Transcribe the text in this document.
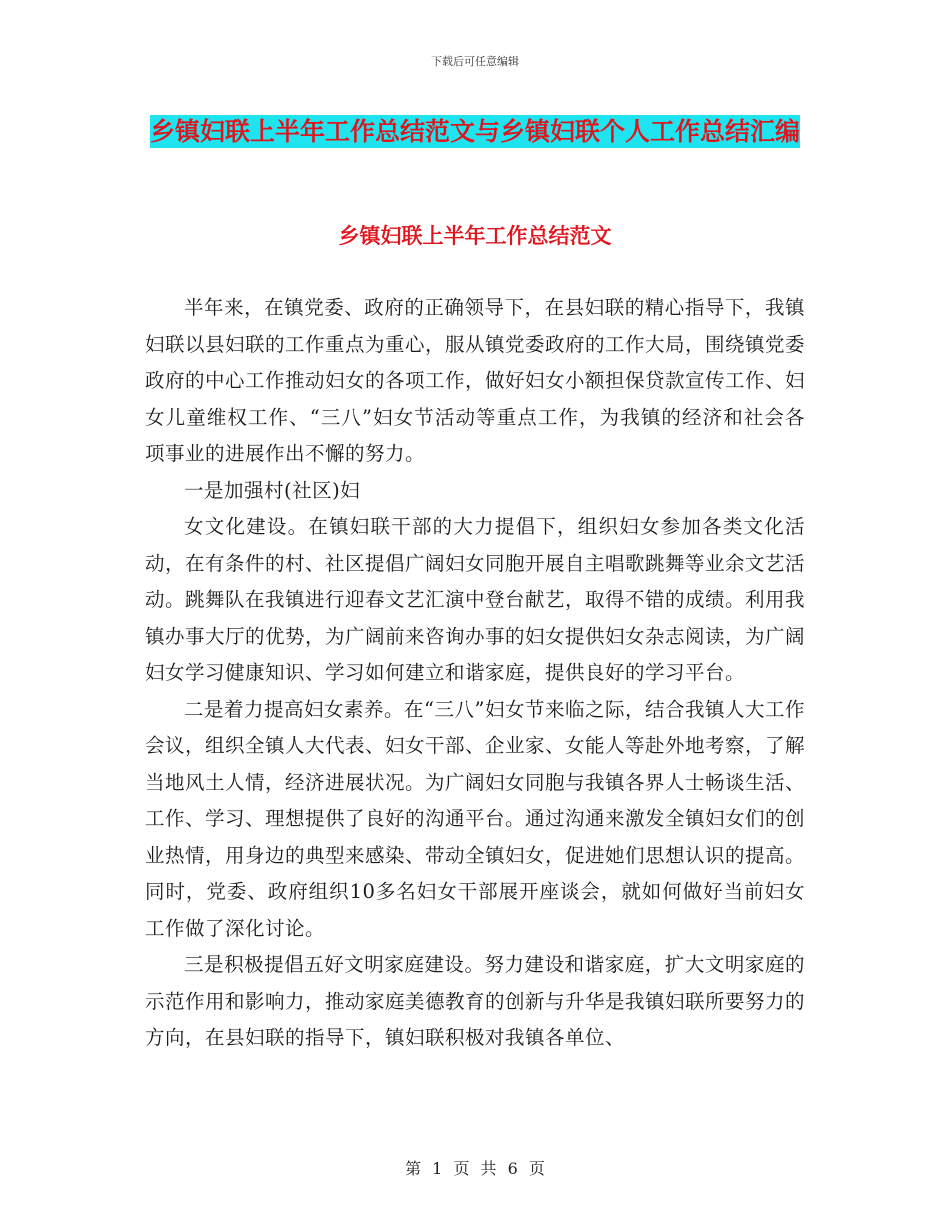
下载后可任意编辑
乡镇妇联上半年工作总结范文与乡镇妇联个人工作总结汇编
乡镇妇联上半年工作总结范文

半年来，在镇党委、政府的正确领导下，在县妇联的精心指导下，我镇妇联以县妇联的工作重点为重心，服从镇党委政府的工作大局，围绕镇党委政府的中心工作推动妇女的各项工作，做好妇女小额担保贷款宣传工作、妇女儿童维权工作、“三八”妇女节活动等重点工作，为我镇的经济和社会各项事业的进展作出不懈的努力。

一是加强村(社区)妇

女文化建设。在镇妇联干部的大力提倡下，组织妇女参加各类文化活动，在有条件的村、社区提倡广阔妇女同胞开展自主唱歌跳舞等业余文艺活动。跳舞队在我镇进行迎春文艺汇演中登台献艺，取得不错的成绩。利用我镇办事大厅的优势，为广阔前来咨询办事的妇女提供妇女杂志阅读，为广阔妇女学习健康知识、学习如何建立和谐家庭，提供良好的学习平台。

二是着力提高妇女素养。在“三八”妇女节来临之际，结合我镇人大工作会议，组织全镇人大代表、妇女干部、企业家、女能人等赴外地考察，了解当地风土人情，经济进展状况。为广阔妇女同胞与我镇各界人士畅谈生活、工作、学习、理想提供了良好的沟通平台。通过沟通来激发全镇妇女们的创业热情，用身边的典型来感染、带动全镇妇女，促进她们思想认识的提高。同时，党委、政府组织10多名妇女干部展开座谈会，就如何做好当前妇女工作做了深化讨论。

三是积极提倡五好文明家庭建设。努力建设和谐家庭，扩大文明家庭的示范作用和影响力，推动家庭美德教育的创新与升华是我镇妇联所要努力的方向，在县妇联的指导下，镇妇联积极对我镇各单位、

第 1 页 共 6 页
